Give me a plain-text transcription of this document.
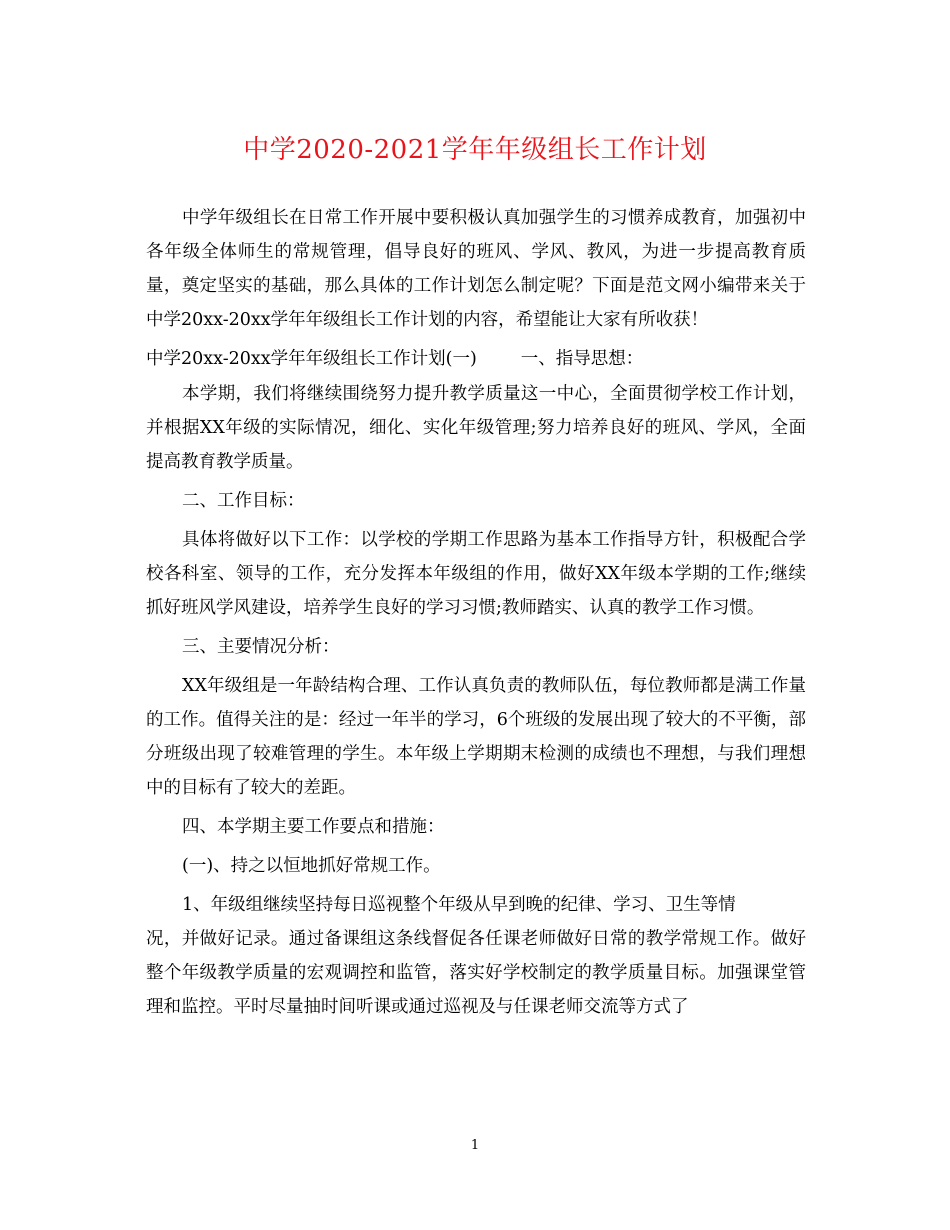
中学2020-2021学年年级组长工作计划

中学年级组长在日常工作开展中要积极认真加强学生的习惯养成教育，加强初中各年级全体师生的常规管理，倡导良好的班风、学风、教风，为进一步提高教育质量，奠定坚实的基础，那么具体的工作计划怎么制定呢？下面是范文网小编带来关于中学20xx-20xx学年年级组长工作计划的内容，希望能让大家有所收获！

中学20xx-20xx学年年级组长工作计划(一)	一、指导思想：

本学期，我们将继续围绕努力提升教学质量这一中心，全面贯彻学校工作计划，并根据XX年级的实际情况，细化、实化年级管理;努力培养良好的班风、学风，全面提高教育教学质量。

二、工作目标：

具体将做好以下工作：以学校的学期工作思路为基本工作指导方针，积极配合学校各科室、领导的工作，充分发挥本年级组的作用，做好XX年级本学期的工作;继续抓好班风学风建设，培养学生良好的学习习惯;教师踏实、认真的教学工作习惯。

三、主要情况分析：

XX年级组是一年龄结构合理、工作认真负责的教师队伍，每位教师都是满工作量的工作。值得关注的是：经过一年半的学习，6个班级的发展出现了较大的不平衡，部分班级出现了较难管理的学生。本年级上学期期末检测的成绩也不理想，与我们理想中的目标有了较大的差距。

四、本学期主要工作要点和措施：

(一)、持之以恒地抓好常规工作。

1、年级组继续坚持每日巡视整个年级从早到晚的纪律、学习、卫生等情

况，并做好记录。通过备课组这条线督促各任课老师做好日常的教学常规工作。做好整个年级教学质量的宏观调控和监管，落实好学校制定的教学质量目标。加强课堂管理和监控。平时尽量抽时间听课或通过巡视及与任课老师交流等方式了

1
